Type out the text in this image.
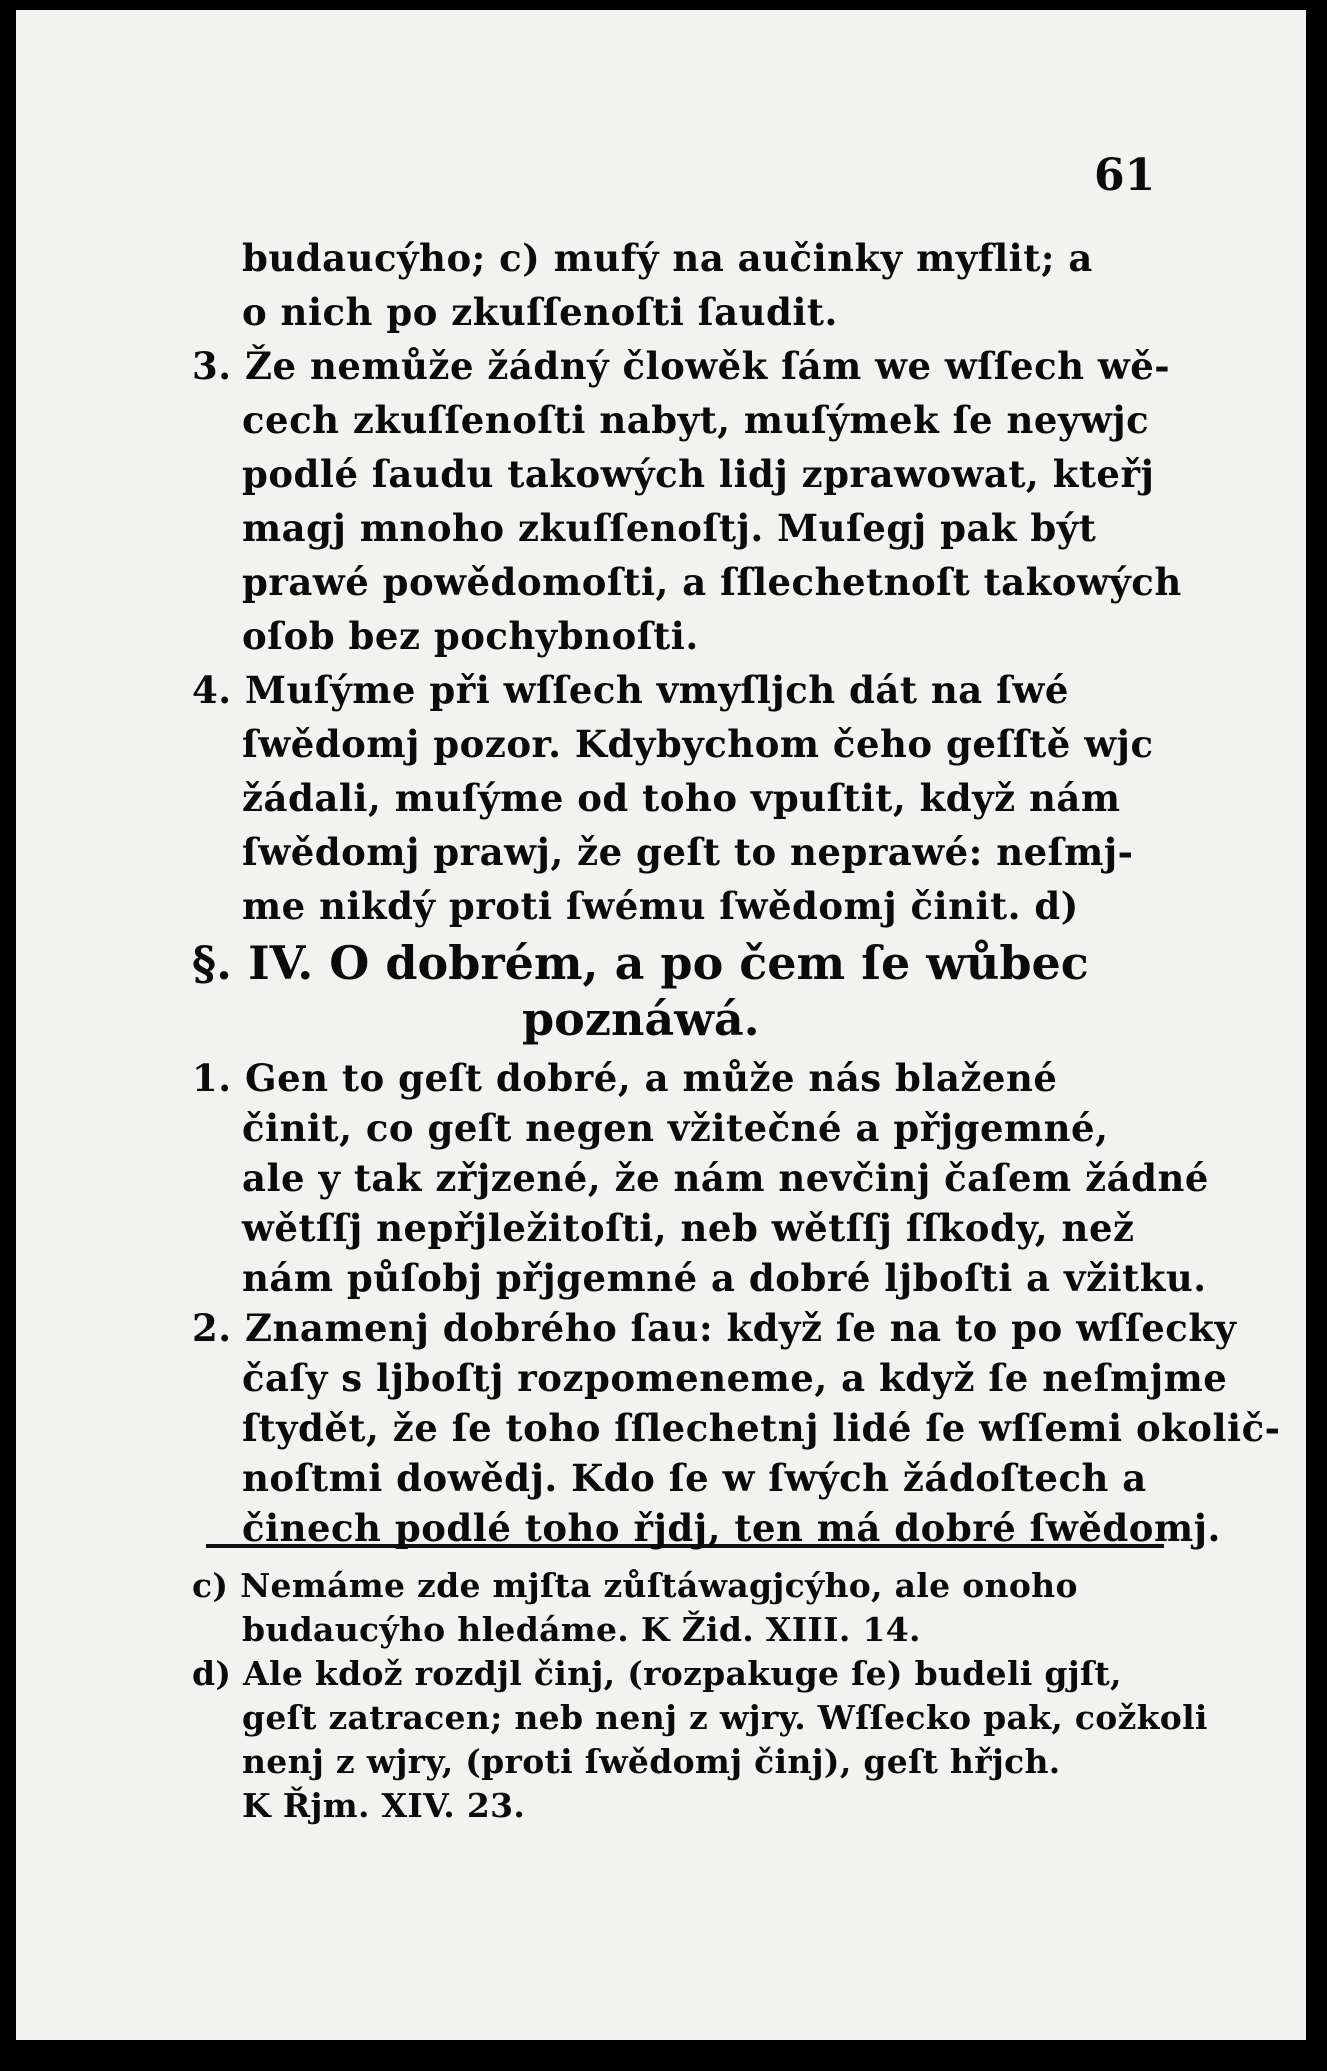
61
budaucýho; c) mufý na aučinky myflit; a
o nich po zkuſſenoſti ſaudit.
3. Že nemůže žádný člowěk ſám we wſſech wě-
cech zkuſſenoſti nabyt, muſýmek ſe neywjc
podlé ſaudu takowých lidj zprawowat, kteřj
magj mnoho zkuſſenoſtj. Muſegj pak být
prawé powědomoſti, a ſſlechetnoſt takowých
oſob bez pochybnoſti.
4. Muſýme při wſſech vmyſljch dát na ſwé
ſwědomj pozor. Kdybychom čeho geſſtě wjc
žádali, muſýme od toho vpuſtit, když nám
ſwědomj prawj, že geſt to neprawé: neſmj-
me nikdý proti ſwému ſwědomj činit. d)
§. IV. O dobrém, a po čem ſe wůbec
poznáwá.
1. Gen to geſt dobré, a může nás blažené
činit, co geſt negen vžitečné a přjgemné,
ale y tak zřjzené, že nám nevčinj čaſem žádné
wětſſj nepřjležitoſti, neb wětſſj ſſkody, než
nám půſobj přjgemné a dobré ljboſti a vžitku.
2. Znamenj dobrého ſau: když ſe na to po wſſecky
čaſy s ljboſtj rozpomeneme, a když ſe neſmjme
ſtydět, že ſe toho ſſlechetnj lidé ſe wſſemi okolič-
noſtmi dowědj. Kdo ſe w ſwých žádoſtech a
c) Nemáme zde mjſta zůſtáwagjcýho, ale onoho
budaucýho hledáme. K Žid. XIII. 14.
d) Ale kdož rozdjl činj, (rozpakuge ſe) budeli gjſt,
geſt zatracen; neb nenj z wjry. Wſſecko pak, cožkoli
nenj z wjry, (proti ſwědomj činj), geſt hřjch.
K Řjm. XIV. 23.
činech podlé toho řjdj, ten má dobré ſwědomj.
